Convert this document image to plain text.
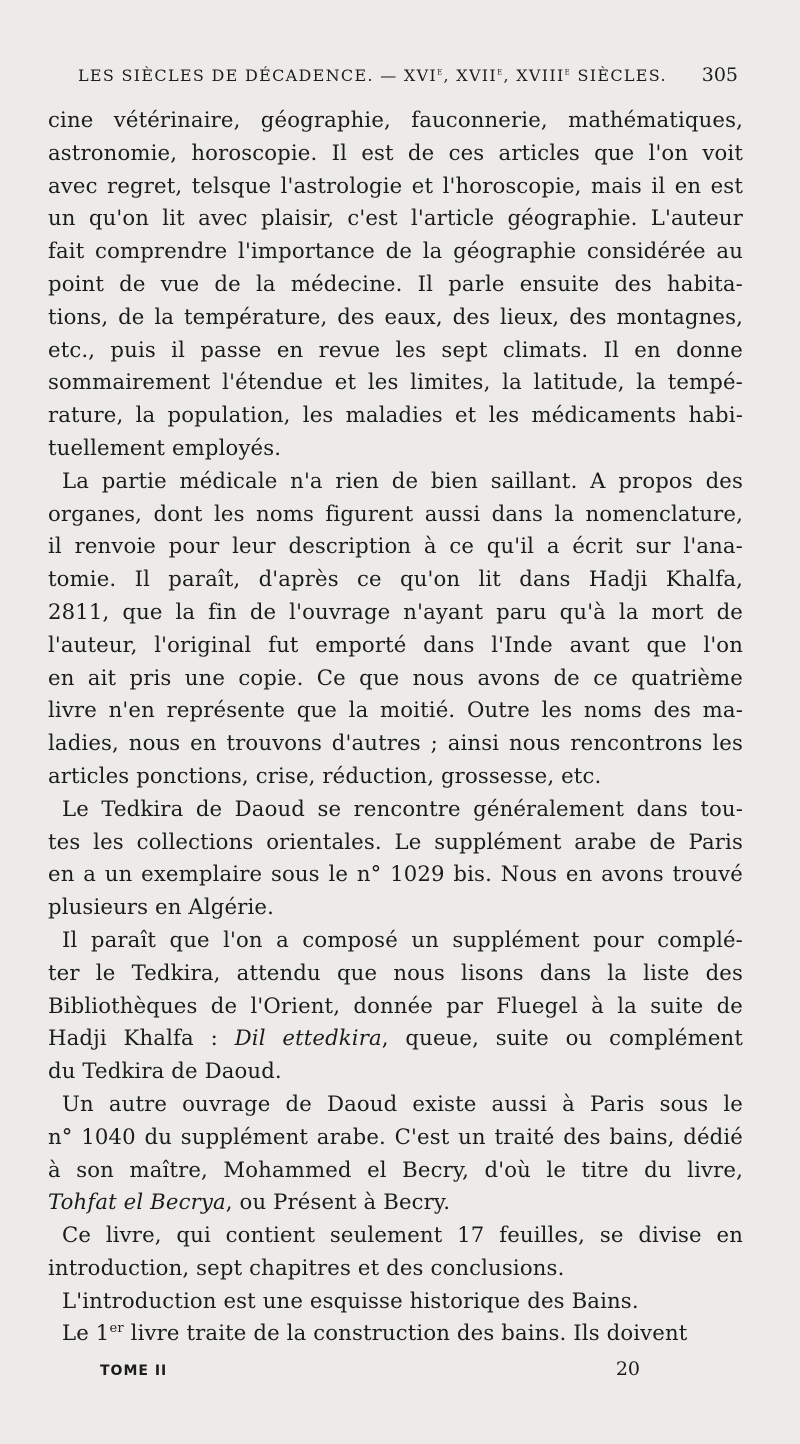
LES SIÈCLES DE DÉCADENCE. — XVIe, XVIIe, XVIIIe SIÈCLES. 305

cine vétérinaire, géographie, fauconnerie, mathématiques,
astronomie, horoscopie. Il est de ces articles que l'on voit
avec regret, telsque l'astrologie et l'horoscopie, mais il en est
un qu'on lit avec plaisir, c'est l'article géographie. L'auteur
fait comprendre l'importance de la géographie considérée au
point de vue de la médecine. Il parle ensuite des habita-
tions, de la température, des eaux, des lieux, des montagnes,
etc., puis il passe en revue les sept climats. Il en donne
sommairement l'étendue et les limites, la latitude, la tempé-
rature, la population, les maladies et les médicaments habi-
tuellement employés.

La partie médicale n'a rien de bien saillant. A propos des
organes, dont les noms figurent aussi dans la nomenclature,
il renvoie pour leur description à ce qu'il a écrit sur l'ana-
tomie. Il paraît, d'après ce qu'on lit dans Hadji Khalfa,
2811, que la fin de l'ouvrage n'ayant paru qu'à la mort de
l'auteur, l'original fut emporté dans l'Inde avant que l'on
en ait pris une copie. Ce que nous avons de ce quatrième
livre n'en représente que la moitié. Outre les noms des ma-
ladies, nous en trouvons d'autres ; ainsi nous rencontrons les
articles ponctions, crise, réduction, grossesse, etc.

Le Tedkira de Daoud se rencontre généralement dans tou-
tes les collections orientales. Le supplément arabe de Paris
en a un exemplaire sous le n° 1029 bis. Nous en avons trouvé
plusieurs en Algérie.

Il paraît que l'on a composé un supplément pour complé-
ter le Tedkira, attendu que nous lisons dans la liste des
Bibliothèques de l'Orient, donnée par Fluegel à la suite de
Hadji Khalfa : Dil ettedkira, queue, suite ou complément
du Tedkira de Daoud.

Un autre ouvrage de Daoud existe aussi à Paris sous le
n° 1040 du supplément arabe. C'est un traité des bains, dédié
à son maître, Mohammed el Becry, d'où le titre du livre,
Tohfat el Becrya, ou Présent à Becry.

Ce livre, qui contient seulement 17 feuilles, se divise en
introduction, sept chapitres et des conclusions.

L'introduction est une esquisse historique des Bains.

Le 1er livre traite de la construction des bains. Ils doivent

TOME II	20
